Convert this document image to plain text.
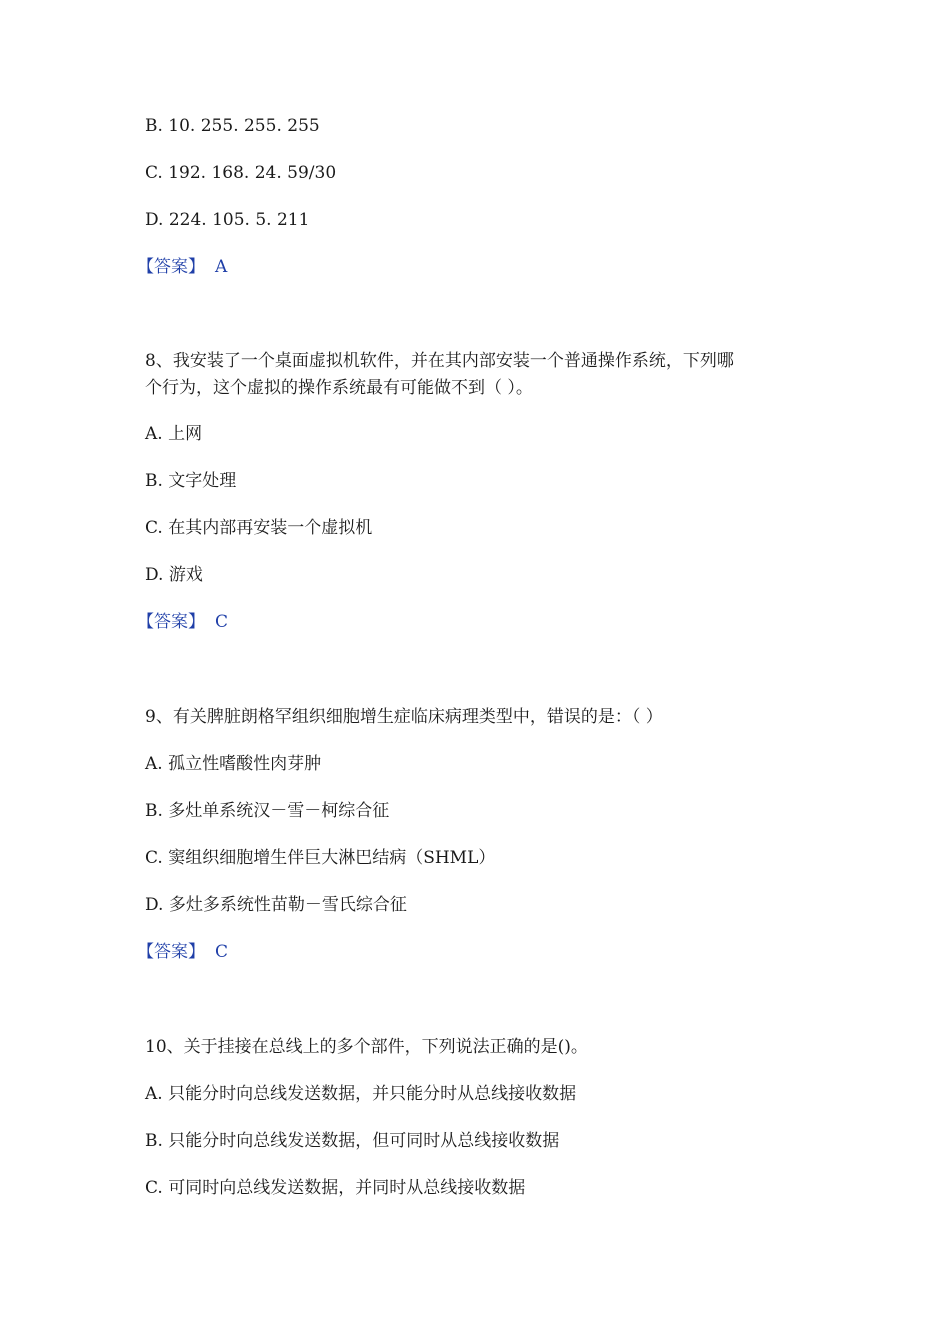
B. 10. 255. 255. 255
C. 192. 168. 24. 59/30
D. 224. 105. 5. 211
【答案】 A
8、我安装了一个桌面虚拟机软件，并在其内部安装一个普通操作系统，下列哪
个行为，这个虚拟的操作系统最有可能做不到（ ）。
A. 上网
B. 文字处理
C. 在其内部再安装一个虚拟机
D. 游戏
【答案】 C
9、有关脾脏朗格罕组织细胞增生症临床病理类型中，错误的是：（ ）
A. 孤立性嗜酸性肉芽肿
B. 多灶单系统汉－雪－柯综合征
C. 窦组织细胞增生伴巨大淋巴结病（SHML）
D. 多灶多系统性苗勒－雪氏综合征
【答案】 C
10、关于挂接在总线上的多个部件，下列说法正确的是()。
A. 只能分时向总线发送数据，并只能分时从总线接收数据
B. 只能分时向总线发送数据，但可同时从总线接收数据
C. 可同时向总线发送数据，并同时从总线接收数据
